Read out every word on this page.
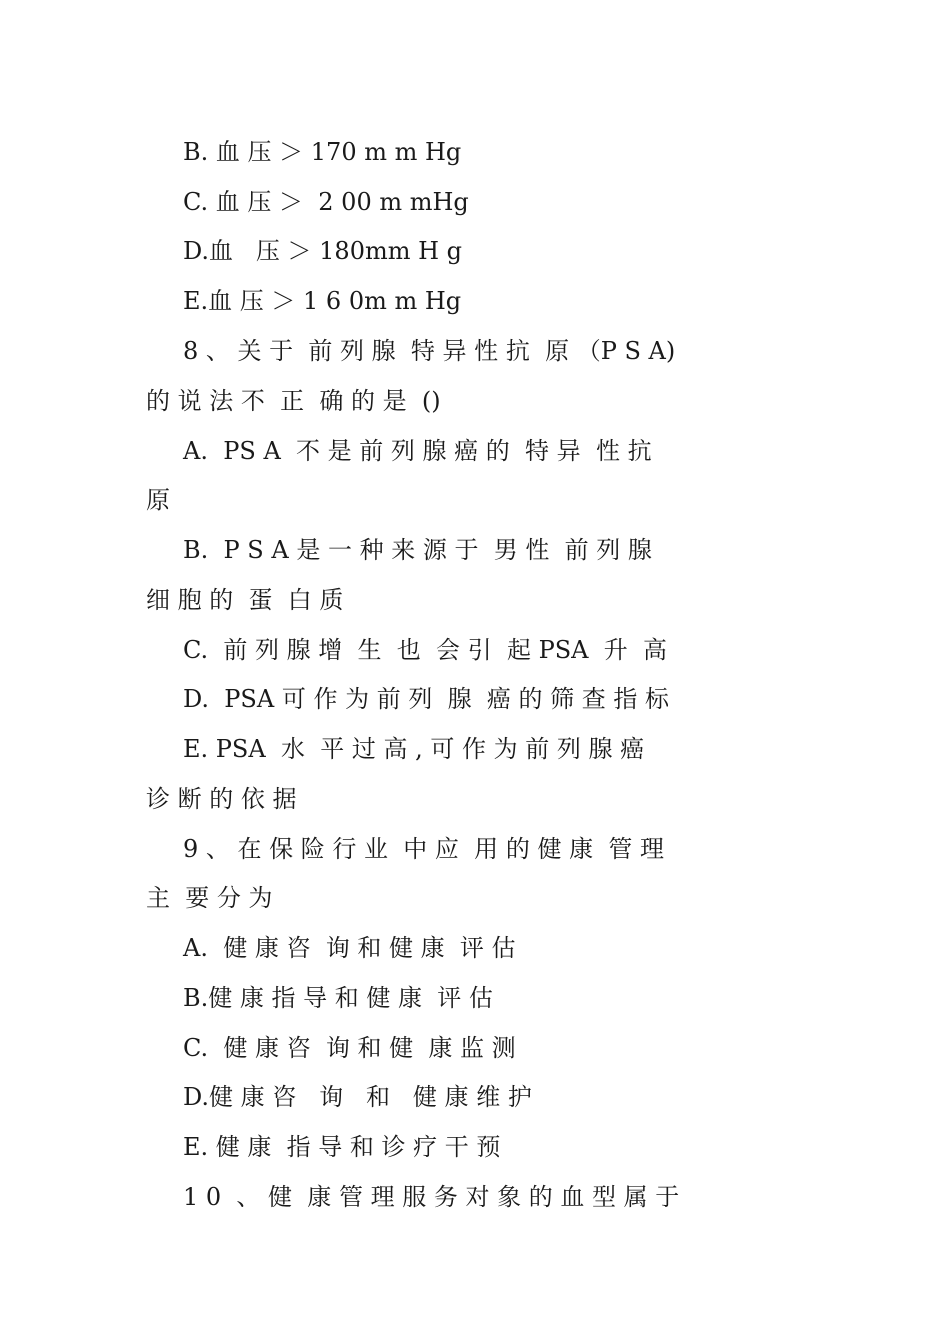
B. 血 压 ＞ 170 m m Hg
C. 血 压 ＞  2 00 m mHg
D.血   压 ＞ 180mm H g
E.血 压 ＞ 1 6 0m m Hg
8 、 关 于  前 列 腺  特 异 性 抗  原 （P S A)
的 说 法 不  正  确 的 是  ()
A.  PS A  不 是 前 列 腺 癌 的  特 异  性 抗
原
B.  P S A 是 一 种 来 源 于  男 性  前 列 腺
细 胞 的  蛋  白 质
C.  前 列 腺 增  生  也  会 引  起 PSA  升  高
D.  PSA 可 作 为 前 列  腺  癌 的 筛 查 指 标
E. PSA  水  平 过 高 , 可 作 为 前 列 腺 癌
诊 断 的 依 据
9 、 在 保 险 行 业  中 应  用 的 健 康  管 理
主  要 分 为
A.  健 康 咨  询 和 健 康  评 估
B.健 康 指 导 和 健 康  评 估
C.  健 康 咨  询 和 健  康 监 测
D.健 康 咨   询   和   健 康 维 护
E. 健 康  指 导 和 诊 疗 干 预
1 0  、 健  康 管 理 服 务 对 象 的 血 型 属 于
